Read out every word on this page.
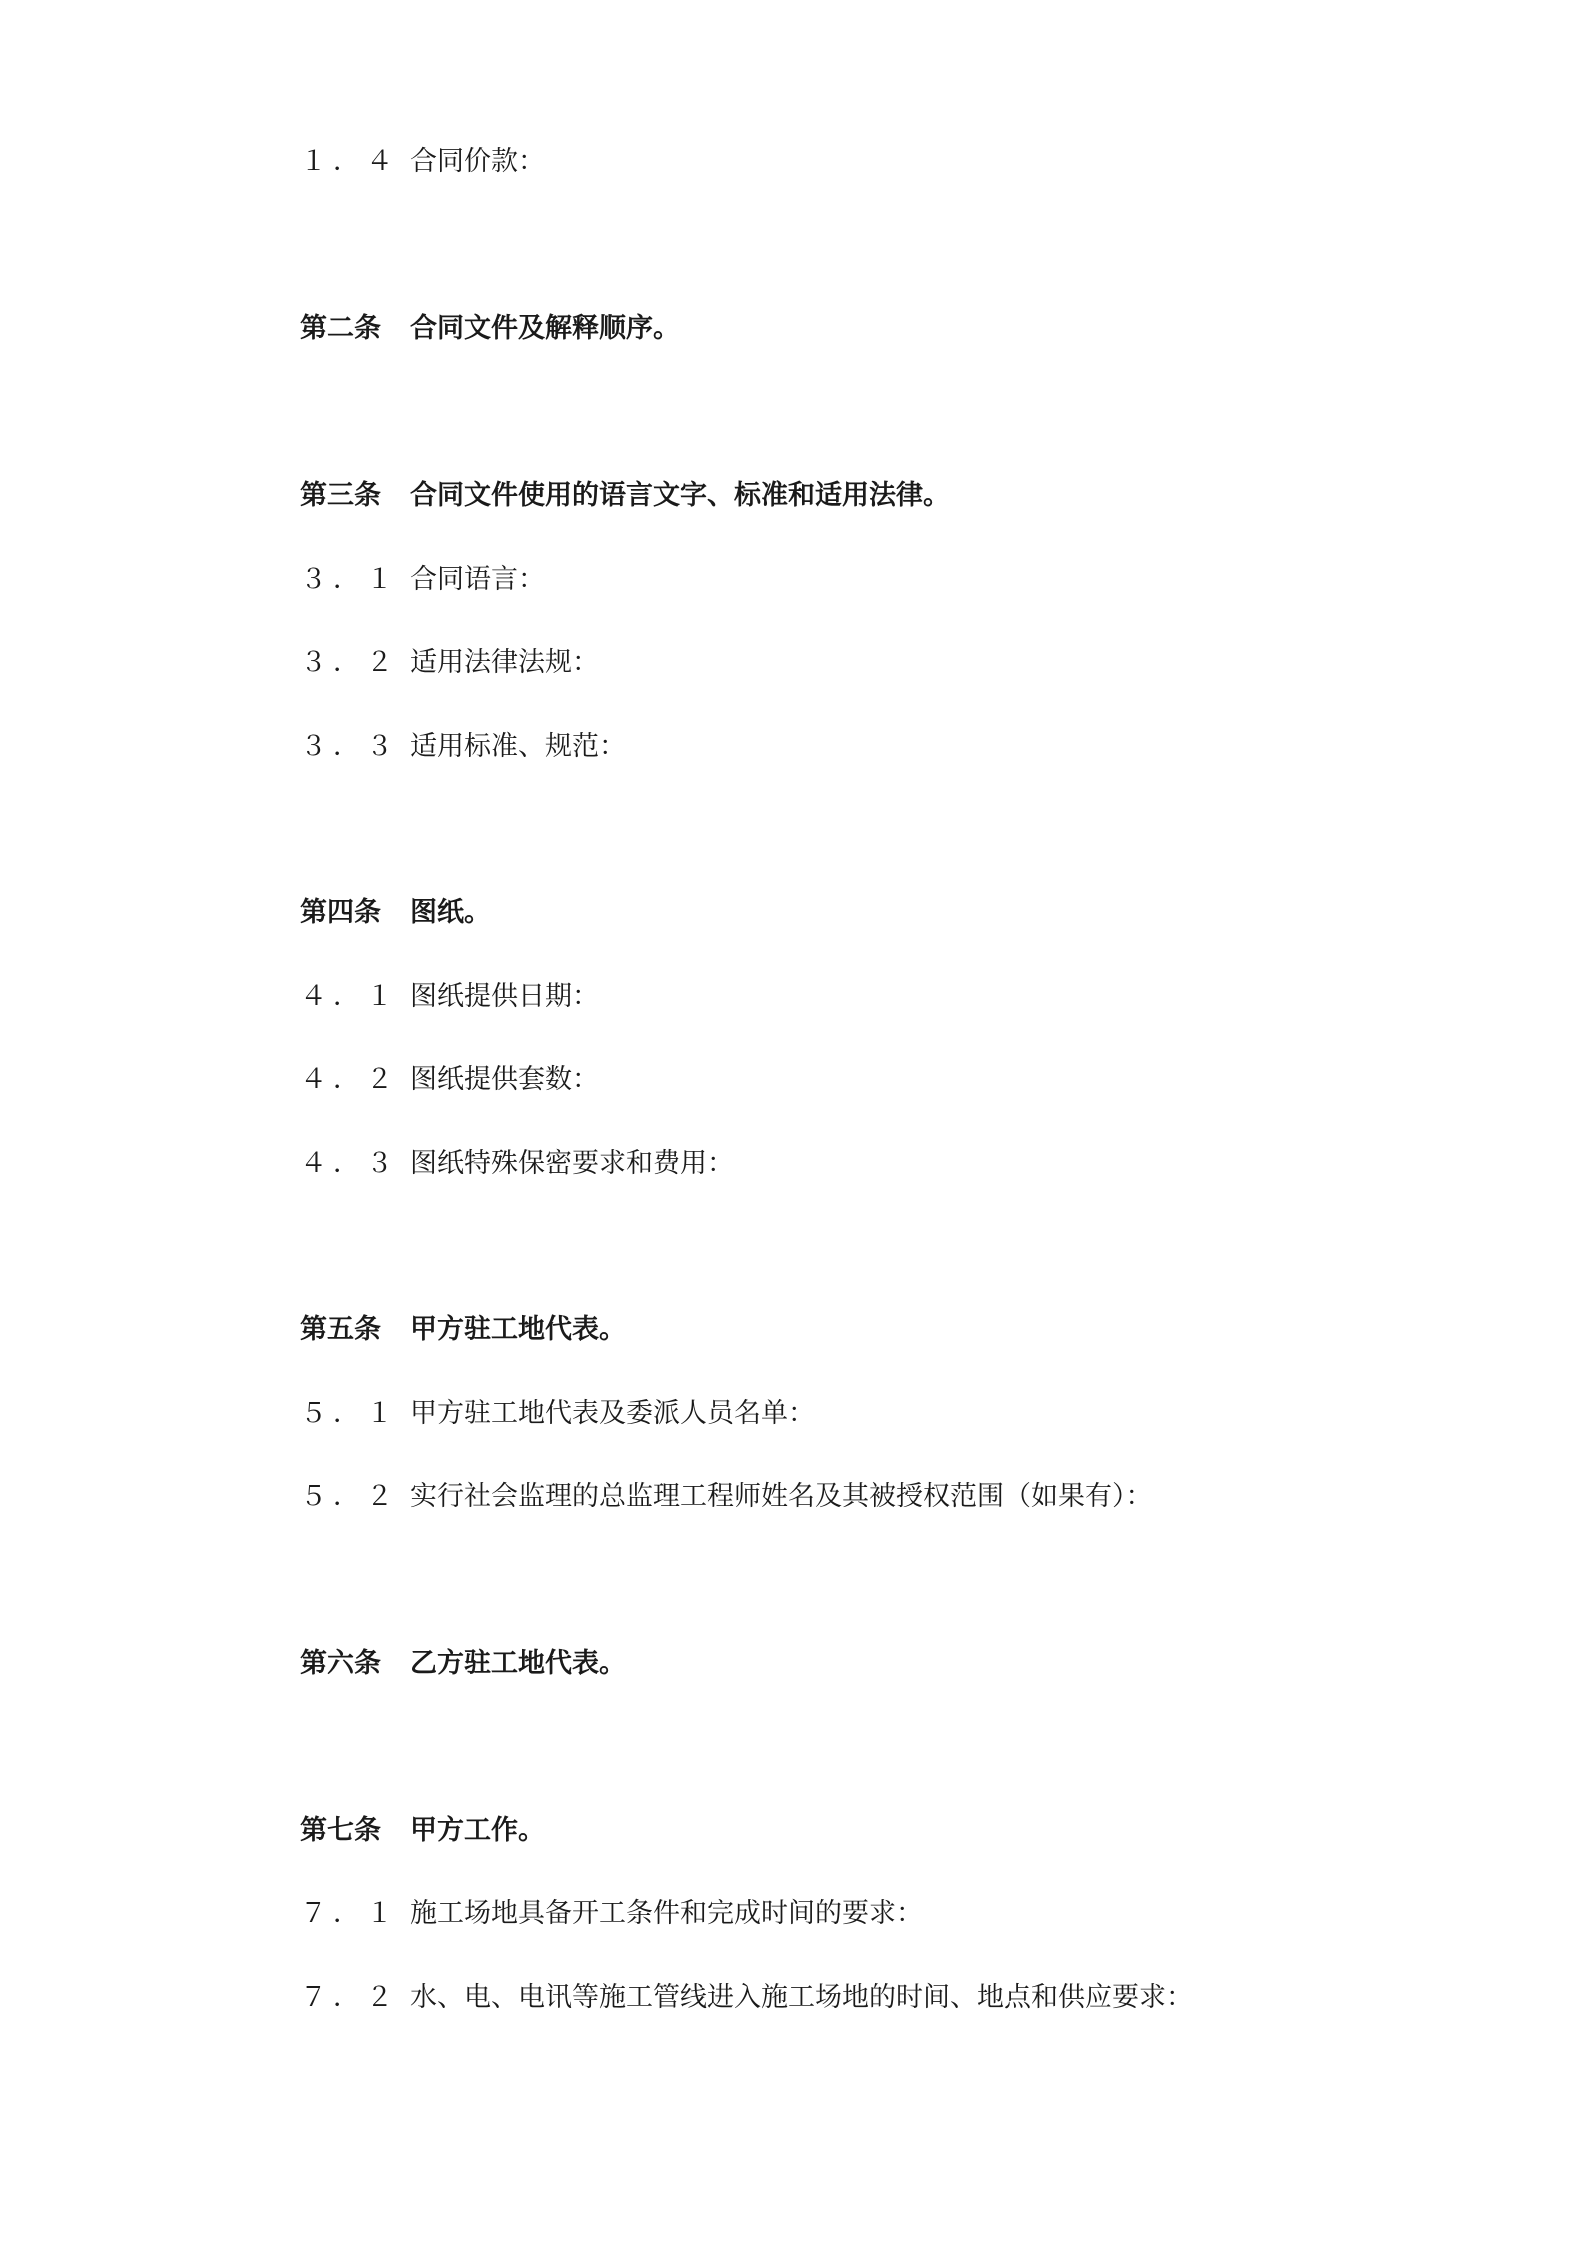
１．４ 合同价款：
第二条 合同文件及解释顺序。
第三条 合同文件使用的语言文字、标准和适用法律。
３．１ 合同语言：
３．２ 适用法律法规：
３．３ 适用标准、规范：
第四条 图纸。
４．１ 图纸提供日期：
４．２ 图纸提供套数：
４．３ 图纸特殊保密要求和费用：
第五条 甲方驻工地代表。
５．１ 甲方驻工地代表及委派人员名单：
５．２ 实行社会监理的总监理工程师姓名及其被授权范围（如果有）：
第六条 乙方驻工地代表。
第七条 甲方工作。
７．１ 施工场地具备开工条件和完成时间的要求：
７．２ 水、电、电讯等施工管线进入施工场地的时间、地点和供应要求：
